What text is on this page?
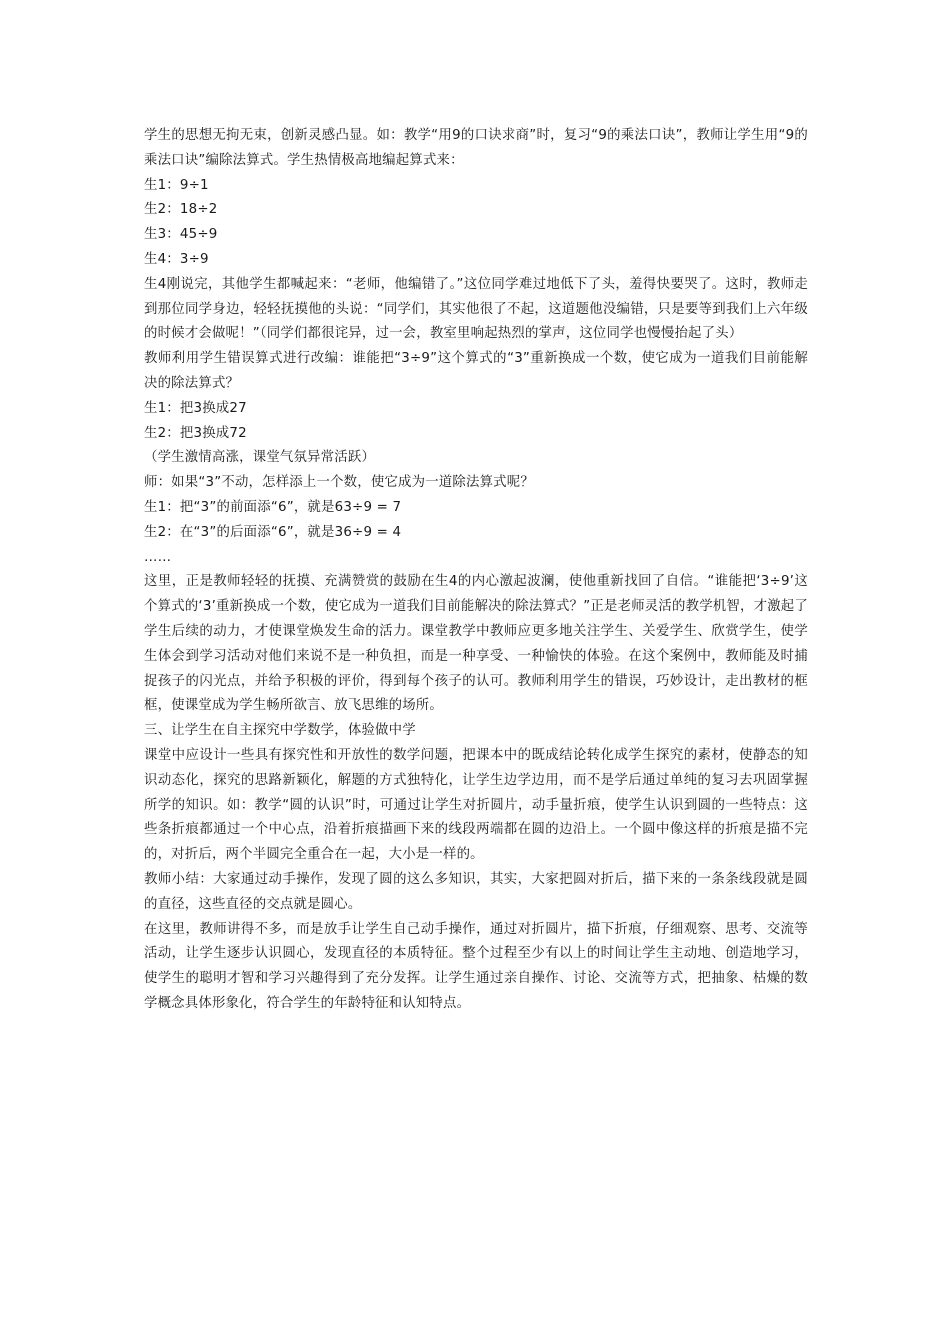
学生的思想无拘无束，创新灵感凸显。如：教学“用9的口诀求商”时，复习“9的乘法口诀”，教师让学生用“9的乘法口诀”编除法算式。学生热情极高地编起算式来：

生1：9÷1

生2：18÷2

生3：45÷9

生4：3÷9

生4刚说完，其他学生都喊起来：“老师，他编错了。”这位同学难过地低下了头，羞得快要哭了。这时，教师走到那位同学身边，轻轻抚摸他的头说：“同学们，其实他很了不起，这道题他没编错，只是要等到我们上六年级的时候才会做呢！”（同学们都很诧异，过一会，教室里响起热烈的掌声，这位同学也慢慢抬起了头）

教师利用学生错误算式进行改编：谁能把“3÷9”这个算式的“3”重新换成一个数，使它成为一道我们目前能解决的除法算式？

生1：把3换成27

生2：把3换成72

（学生激情高涨，课堂气氛异常活跃）

师：如果“3”不动，怎样添上一个数，使它成为一道除法算式呢？

生1：把“3”的前面添“6”，就是63÷9 = 7

生2：在“3”的后面添“6”，就是36÷9 = 4

……

这里，正是教师轻轻的抚摸、充满赞赏的鼓励在生4的内心激起波澜，使他重新找回了自信。“谁能把‘3÷9’这个算式的‘3’重新换成一个数，使它成为一道我们目前能解决的除法算式？”正是老师灵活的教学机智，才激起了学生后续的动力，才使课堂焕发生命的活力。课堂教学中教师应更多地关注学生、关爱学生、欣赏学生，使学生体会到学习活动对他们来说不是一种负担，而是一种享受、一种愉快的体验。在这个案例中，教师能及时捕捉孩子的闪光点，并给予积极的评价，得到每个孩子的认可。教师利用学生的错误，巧妙设计，走出教材的框框，使课堂成为学生畅所欲言、放飞思维的场所。

三、让学生在自主探究中学数学，体验做中学

课堂中应设计一些具有探究性和开放性的数学问题，把课本中的既成结论转化成学生探究的素材，使静态的知识动态化，探究的思路新颖化，解题的方式独特化，让学生边学边用，而不是学后通过单纯的复习去巩固掌握所学的知识。如：教学“圆的认识”时，可通过让学生对折圆片，动手量折痕，使学生认识到圆的一些特点：这些条折痕都通过一个中心点，沿着折痕描画下来的线段两端都在圆的边沿上。一个圆中像这样的折痕是描不完的，对折后，两个半圆完全重合在一起，大小是一样的。

教师小结：大家通过动手操作，发现了圆的这么多知识，其实，大家把圆对折后，描下来的一条条线段就是圆的直径，这些直径的交点就是圆心。

在这里，教师讲得不多，而是放手让学生自己动手操作，通过对折圆片，描下折痕，仔细观察、思考、交流等活动，让学生逐步认识圆心，发现直径的本质特征。整个过程至少有以上的时间让学生主动地、创造地学习，使学生的聪明才智和学习兴趣得到了充分发挥。让学生通过亲自操作、讨论、交流等方式，把抽象、枯燥的数学概念具体形象化，符合学生的年龄特征和认知特点。
